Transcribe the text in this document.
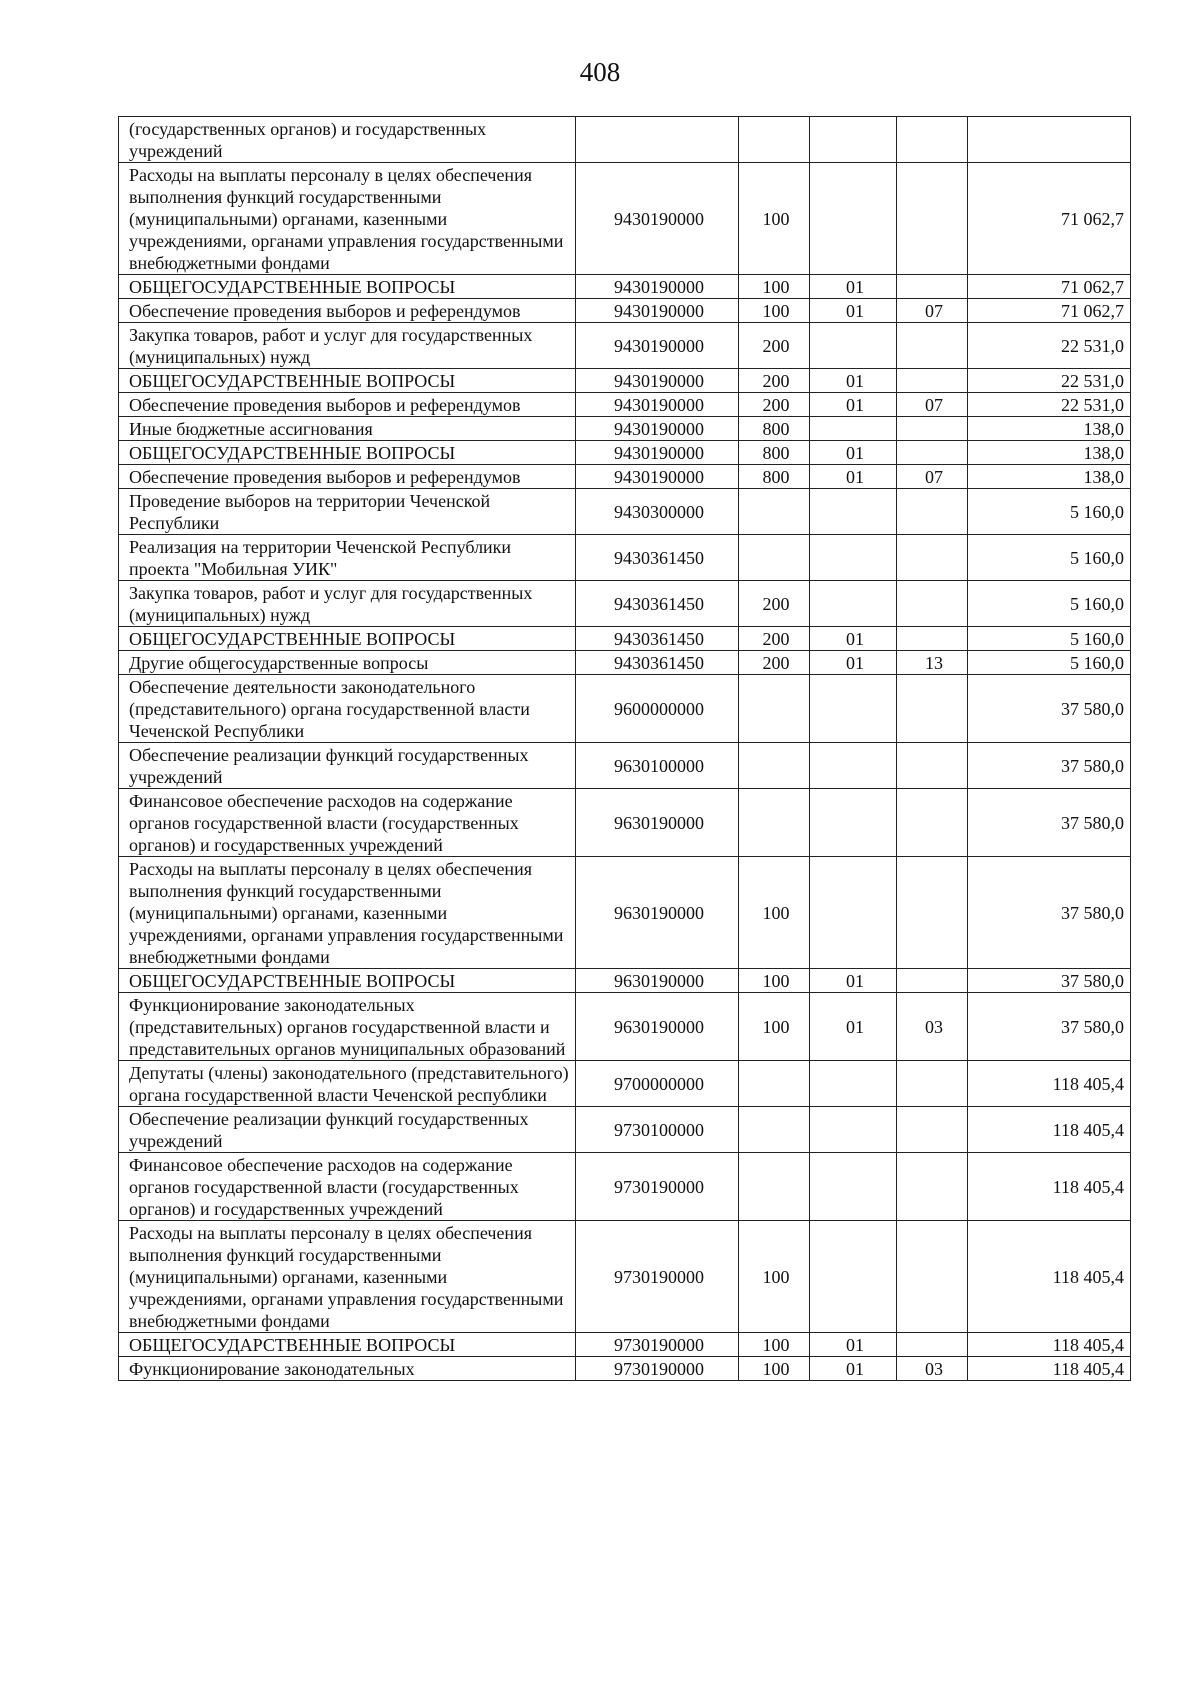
408
(государственных органов) и государственных учреждений					
Расходы на выплаты персоналу в целях обеспечения выполнения функций государственными (муниципальными) органами, казенными учреждениями, органами управления государственными внебюджетными фондами	9430190000	100			71 062,7
ОБЩЕГОСУДАРСТВЕННЫЕ ВОПРОСЫ	9430190000	100	01		71 062,7
Обеспечение проведения выборов и референдумов	9430190000	100	01	07	71 062,7
Закупка товаров, работ и услуг для государственных (муниципальных) нужд	9430190000	200			22 531,0
ОБЩЕГОСУДАРСТВЕННЫЕ ВОПРОСЫ	9430190000	200	01		22 531,0
Обеспечение проведения выборов и референдумов	9430190000	200	01	07	22 531,0
Иные бюджетные ассигнования	9430190000	800			138,0
ОБЩЕГОСУДАРСТВЕННЫЕ ВОПРОСЫ	9430190000	800	01		138,0
Обеспечение проведения выборов и референдумов	9430190000	800	01	07	138,0
Проведение выборов на территории Чеченской Республики	9430300000				5 160,0
Реализация на территории Чеченской Республики проекта "Мобильная УИК"	9430361450				5 160,0
Закупка товаров, работ и услуг для государственных (муниципальных) нужд	9430361450	200			5 160,0
ОБЩЕГОСУДАРСТВЕННЫЕ ВОПРОСЫ	9430361450	200	01		5 160,0
Другие общегосударственные вопросы	9430361450	200	01	13	5 160,0
Обеспечение деятельности законодательного (представительного) органа государственной власти Чеченской Республики	9600000000				37 580,0
Обеспечение реализации функций государственных учреждений	9630100000				37 580,0
Финансовое обеспечение расходов на содержание органов государственной власти (государственных органов) и государственных учреждений	9630190000				37 580,0
Расходы на выплаты персоналу в целях обеспечения выполнения функций государственными (муниципальными) органами, казенными учреждениями, органами управления государственными внебюджетными фондами	9630190000	100			37 580,0
ОБЩЕГОСУДАРСТВЕННЫЕ ВОПРОСЫ	9630190000	100	01		37 580,0
Функционирование законодательных (представительных) органов государственной власти и представительных органов муниципальных образований	9630190000	100	01	03	37 580,0
Депутаты (члены) законодательного (представительного) органа государственной власти Чеченской республики	9700000000				118 405,4
Обеспечение реализации функций государственных учреждений	9730100000				118 405,4
Финансовое обеспечение расходов на содержание органов государственной власти (государственных органов) и государственных учреждений	9730190000				118 405,4
Расходы на выплаты персоналу в целях обеспечения выполнения функций государственными (муниципальными) органами, казенными учреждениями, органами управления государственными внебюджетными фондами	9730190000	100			118 405,4
ОБЩЕГОСУДАРСТВЕННЫЕ ВОПРОСЫ	9730190000	100	01		118 405,4
Функционирование законодательных	9730190000	100	01	03	118 405,4
